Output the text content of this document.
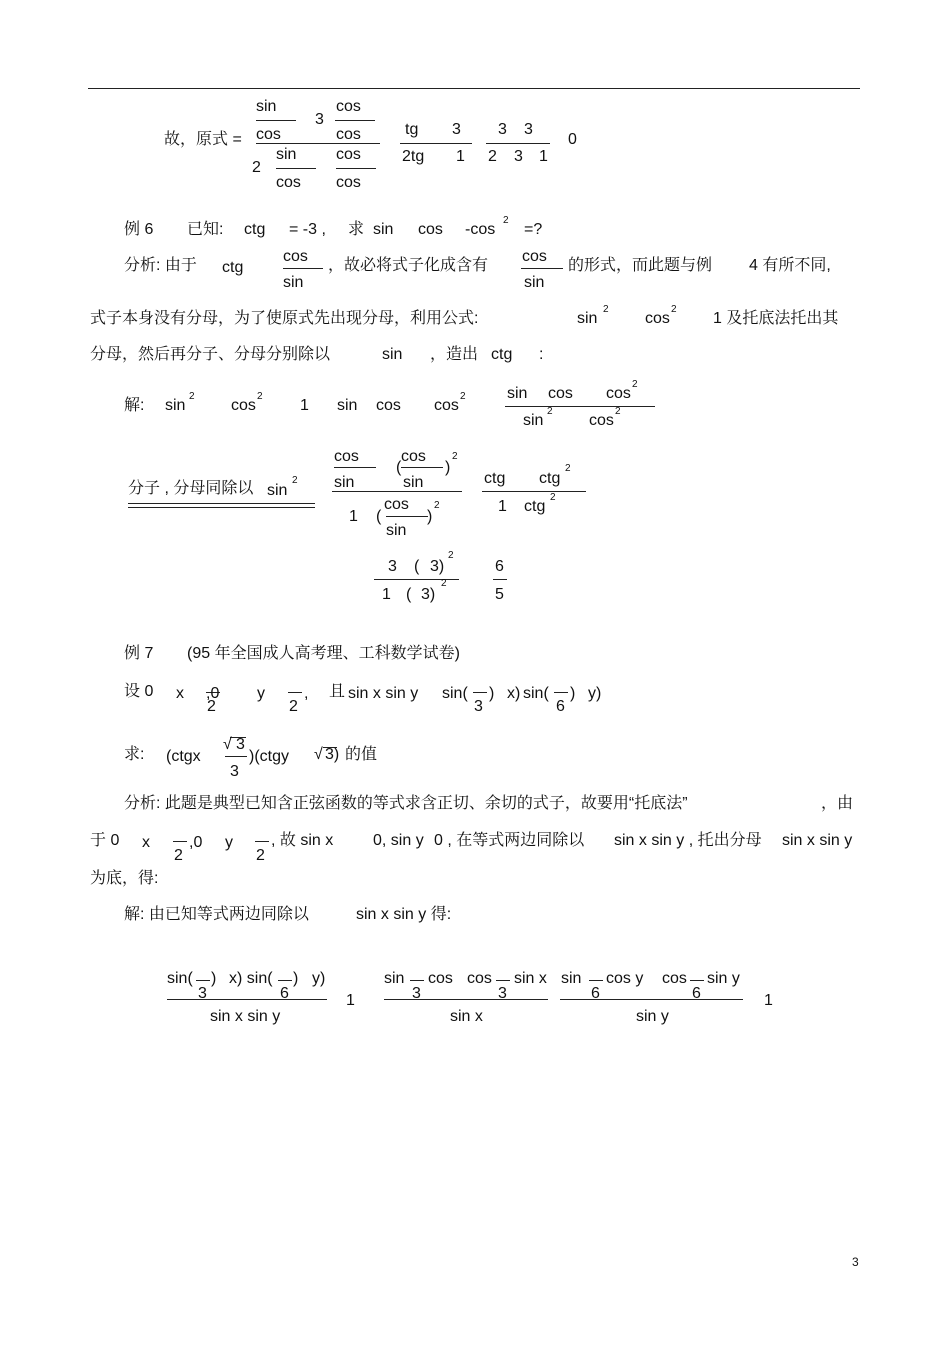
sin
3
cos
故，原式 = cos	cos	tg 3 3 3
0
2tg 1 2 3 1
sin cos
2
cos cos
例 6 已知: ctg = -3 , 求 sin cos -cos
2
=?
cos	cos
分析: 由于 ctg	，故必将式子化成含有	的形式，而此题与例 4 有所不同,
sin	sin
式子本身没有分母，为了使原式先出现分母，利用公式:	sin
2
cos
2
1 及托底法托出其
分母，然后再分子、分母分别除以	sin ，造出 ctg :
sin cos cos
2
解: sin
2
cos
2
1 sin cos cos
2
sin
2
cos
2
cos
(
cos
)
2
sin	sin	ctg ctg
2
分子 , 分母同除以 sin
2
cos	1 ctg
2
1 (	)
2
sin
3 ( 3)
2
6
1 ( 3)
2
5
例 7 (95 年全国成人高考理、工科数学试卷)
设 0 x ,0 y , 且 sin x sin y sin( ) x) sin( ) y)
2	2	3	6
√ 3
求: (ctgx	)(ctgy √ 3) 的值
3
分析: 此题是典型已知含正弦函数的等式求含正切、余切的式子，故要用“托底法”	，由
于 0 x ,0 y , 故 sin x 0, sin y 0 , 在等式两边同除以 sin x sin y , 托出分母 sin x sin y
2	2
为底，得:
解: 由已知等式两边同除以	sin x sin y 得:
sin( ) x) sin( ) y)	sin cos cos sin x sin cos y cos sin y
3	6	3	3	6	6
1	1
sin x sin y	sin x	sin y
3
